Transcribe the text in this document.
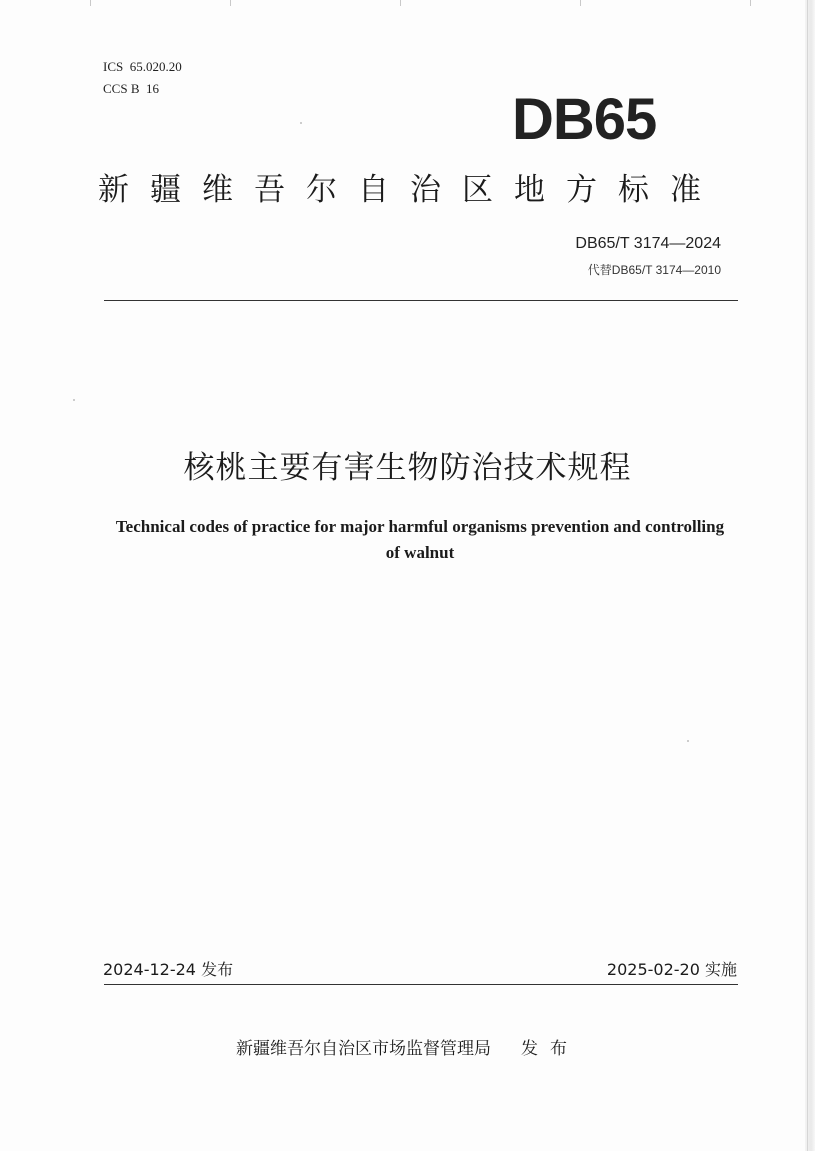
ICS  65.020.20
CCS B  16	DB65
新疆维吾尔自治区地方标准
DB65/T 3174—2024
代替DB65/T 3174—2010
核桃主要有害生物防治技术规程
Technical codes of practice for major harmful organisms prevention and controlling of walnut
2024-12-24 发布	2025-02-20 实施
新疆维吾尔自治区市场监督管理局 发布
